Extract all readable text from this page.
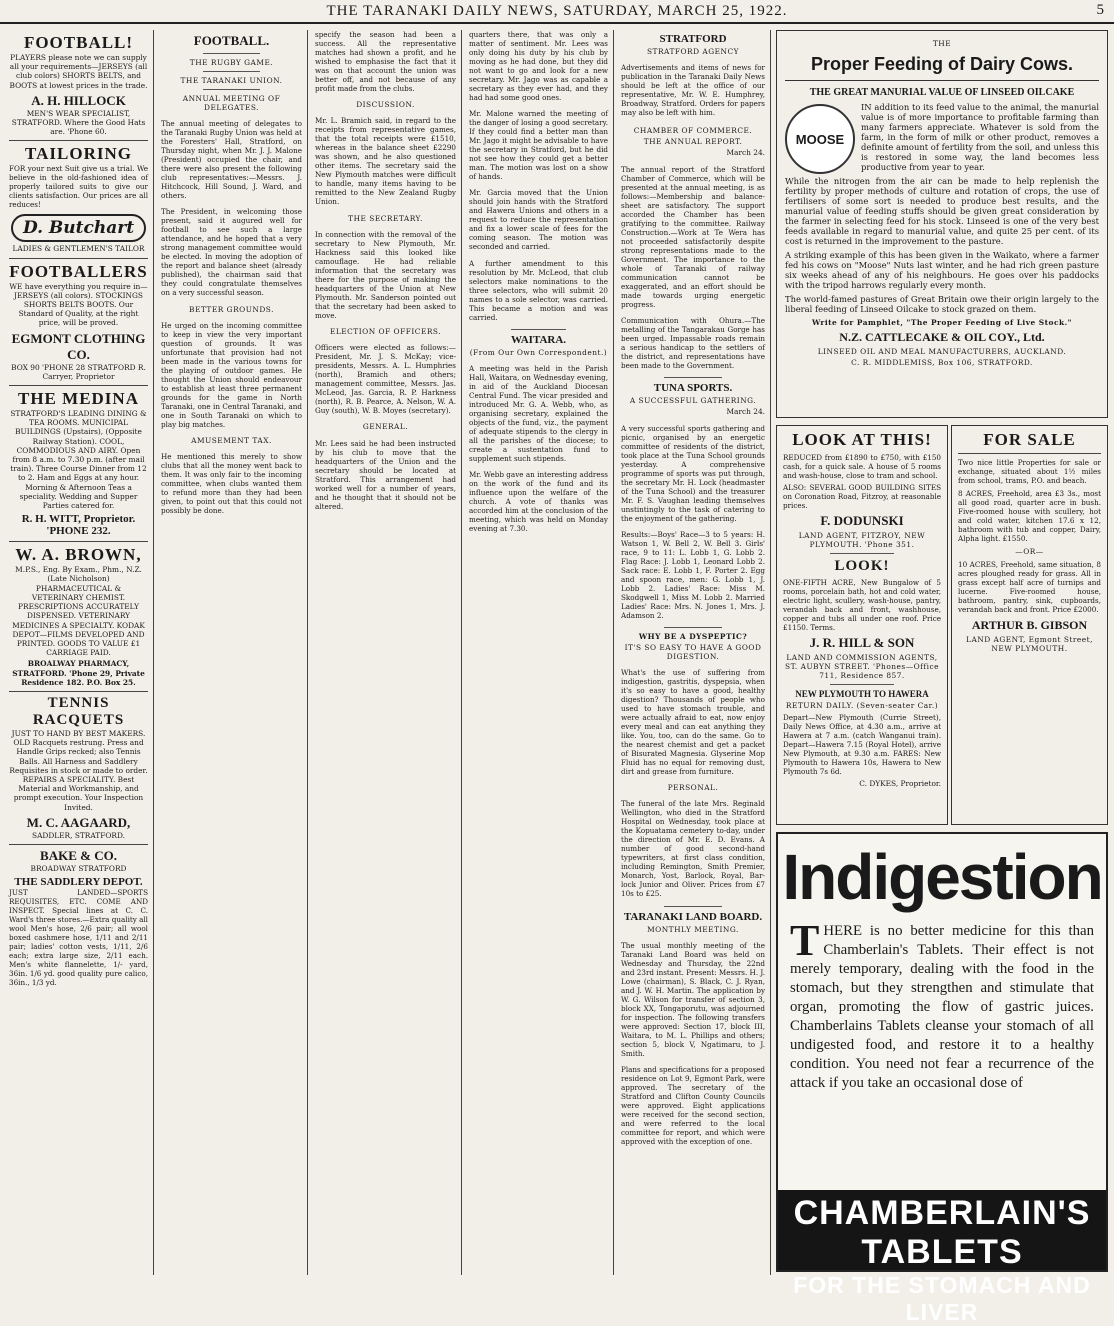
THE TARANAKI DAILY NEWS, SATURDAY, MARCH 25, 1922.	5
FOOTBALL!
PLAYERS please note we can supply all your requirements—JERSEYS (all club colors) SHORTS BELTS, and BOOTS at lowest prices in the trade.
A. H. HILLOCK
MEN'S WEAR SPECIALIST, STRATFORD. Where the Good Hats are. 'Phone 60.
TAILORING
FOR your next Suit give us a trial. We believe in the old-fashioned idea of properly tailored suits to give our clients satisfaction. Our prices are all reduces!
D. Butchart
LADIES & GENTLEMEN'S TAILOR
FOOTBALLERS
WE have everything you require in— JERSEYS (all colors). STOCKINGS SHORTS BELTS BOOTS. Our Standard of Quality, at the right price, will be proved.
EGMONT CLOTHING CO.
BOX 90 'PHONE 28 STRATFORD R. Carryer, Proprietor
THE MEDINA
STRATFORD'S LEADING DINING & TEA ROOMS. MUNICIPAL BUILDINGS (Upstairs), (Opposite Railway Station). COOL, COMMODIOUS AND AIRY. Open from 8 a.m. to 7.30 p.m. (after mail train). Three Course Dinner from 12 to 2. Ham and Eggs at any hour. Morning & Afternoon Teas a speciality. Wedding and Supper Parties catered for.
R. H. WITT, Proprietor. 'PHONE 232.
W. A. BROWN,
M.P.S., Eng. By Exam., Phm., N.Z. (Late Nicholson) PHARMACEUTICAL & VETERINARY CHEMIST. PRESCRIPTIONS ACCURATELY DISPENSED. VETERINARY MEDICINES A SPECIALTY. KODAK DEPOT—FILMS DEVELOPED AND PRINTED. GOODS TO VALUE £1 CARRIAGE PAID.
BROALWAY PHARMACY, STRATFORD. 'Phone 29, Private Residence 182. P.O. Box 25.
TENNIS RACQUETS
JUST TO HAND BY BEST MAKERS. OLD Racquets restrung. Press and Handle Grips recked; also Tennis Balls. All Harness and Saddlery Requisites in stock or made to order. REPAIRS A SPECIALITY. Best Material and Workmanship, and prompt execution. Your Inspection Invited.
M. C. AAGAARD,
SADDLER, STRATFORD.
BAKE & CO.
BROADWAY STRATFORD
THE SADDLERY DEPOT.
JUST LANDED—SPORTS REQUISITES, ETC. COME AND INSPECT. Special lines at C. C. Ward's three stores.—Extra quality all wool Men's hose, 2/6 pair; all wool boxed cashmere hose, 1/11 and 2/11 pair; ladies' cotton vests, 1/11, 2/6 each; extra large size, 2/11 each. Men's white flannelette, 1/- yard, 36in. 1/6 yd. good quality pure calico, 36in., 1/3 yd.
FOOTBALL.
THE RUGBY GAME.
THE TARANAKI UNION.
ANNUAL MEETING OF DELEGATES.

The annual meeting of delegates to the Taranaki Rugby Union was held at the Foresters' Hall, Stratford, on Thursday night, when Mr. J. J. Malone (President) occupied the chair, and there were also present the following club representatives:—Messrs. J. Hitchcock, Hill Sound, J. Ward, and others.

The President, in welcoming those present, said it augured well for football to see such a large attendance, and he hoped that a very strong management committee would be elected. In moving the adoption of the report and balance sheet (already published), the chairman said that they could congratulate themselves on a very successful season.

BETTER GROUNDS.

He urged on the incoming committee to keep in view the very important question of grounds. It was unfortunate that provision had not been made in the various towns for the playing of outdoor games. He thought the Union should endeavour to establish at least three permanent grounds for the game in North Taranaki, one in Central Taranaki, and one in South Taranaki on which to play big matches.

AMUSEMENT TAX.

He mentioned this merely to show clubs that all the money went back to them. It was only fair to the incoming committee, when clubs wanted them to refund more than they had been given, to point out that this could not possibly be done.

specify the season had been a success. All the representative matches had shown a profit, and he wished to emphasise the fact that it was on that account the union was better off, and not because of any profit made from the clubs.

DISCUSSION.

Mr. L. Bramich said, in regard to the receipts from representative games, that the total receipts were £1510, whereas in the balance sheet £2290 was shown, and he also questioned other items. The secretary said the New Plymouth matches were difficult to handle, many items having to be remitted to the New Zealand Rugby Union.

THE SECRETARY.

In connection with the removal of the secretary to New Plymouth, Mr. Hackness said this looked like camouflage. He had reliable information that the secretary was there for the purpose of making the headquarters of the Union at New Plymouth. Mr. Sanderson pointed out that the secretary had been asked to move.

ELECTION OF OFFICERS.

Officers were elected as follows:—President, Mr. J. S. McKay; vice-presidents, Messrs. A. L. Humphries (north), Bramich and others; management committee, Messrs. Jas. McLeod, Jas. Garcia, R. P. Harkness (north), R. B. Pearce, A. Nelson, W. A. Guy (south), W. B. Moyes (secretary).

GENERAL.

Mr. Lees said he had been instructed by his club to move that the headquarters of the Union and the secretary should be located at Stratford. This arrangement had worked well for a number of years, and he thought that it should not be altered.

quarters there, that was only a matter of sentiment. Mr. Lees was only doing his duty by his club by moving as he had done, but they did not want to go and look for a new secretary. Mr. Jago was as capable a secretary as they ever had, and they had had some good ones.

Mr. Malone warned the meeting of the danger of losing a good secretary. If they could find a better man than Mr. Jago it might be advisable to have the secretary in Stratford, but he did not see how they could get a better man. The motion was lost on a show of hands.

Mr. Garcia moved that the Union should join hands with the Stratford and Hawera Unions and others in a request to reduce the representation and fix a lower scale of fees for the coming season. The motion was seconded and carried.

A further amendment to this resolution by Mr. McLeod, that club selectors make nominations to the three selectors, who will submit 20 names to a sole selector, was carried. This became a motion and was carried.

WAITARA.
(From Our Own Correspondent.)

A meeting was held in the Parish Hall, Waitara, on Wednesday evening, in aid of the Auckland Diocesan Central Fund. The vicar presided and introduced Mr. G. A. Webb, who, as organising secretary, explained the objects of the fund, viz., the payment of adequate stipends to the clergy in all the parishes of the diocese; to create a sustentation fund to supplement such stipends.

Mr. Webb gave an interesting address on the work of the fund and its influence upon the welfare of the church. A vote of thanks was accorded him at the conclusion of the meeting, which was held on Monday evening at 7.30.

STRATFORD
STRATFORD AGENCY

Advertisements and items of news for publication in the Taranaki Daily News should be left at the office of our representative, Mr. W. E. Humphrey, Broadway, Stratford. Orders for papers may also be left with him.

CHAMBER OF COMMERCE.
THE ANNUAL REPORT.
March 24.

The annual report of the Stratford Chamber of Commerce, which will be presented at the annual meeting, is as follows:—Membership and balance-sheet are satisfactory. The support accorded the Chamber has been gratifying to the committee. Railway Construction.—Work at Te Wera has not proceeded satisfactorily despite strong representations made to the Government. The importance to the whole of Taranaki of railway communication cannot be exaggerated, and an effort should be made towards urging energetic progress.

Communication with Ohura.—The metalling of the Tangarakau Gorge has been urged. Impassable roads remain a serious handicap to the settlers of the district, and representations have been made to the Government.

TUNA SPORTS.
A SUCCESSFUL GATHERING.
March 24.

A very successful sports gathering and picnic, organised by an energetic committee of residents of the district, took place at the Tuna School grounds yesterday. A comprehensive programme of sports was put through, the secretary Mr. H. Lock (headmaster of the Tuna School) and the treasurer Mr. F. S. Vaughan leading themselves unstintingly to the task of catering to the enjoyment of the gathering.

Results:—Boys' Race—3 to 5 years: H. Watson 1, W. Bell 2, W. Bell 3. Girls' race, 9 to 11: L. Lobb 1, G. Lobb 2. Flag Race: J. Lobb 1, Leonard Lobb 2. Sack race: E. Lobb 1, F. Porter 2. Egg and spoon race, men: G. Lobb 1, J. Lobb 2. Ladies' Race: Miss M. Skodgwell 1, Miss M. Lobb 2. Married Ladies' Race: Mrs. N. Jones 1, Mrs. J. Adamson 2.

WHY BE A DYSPEPTIC?
IT'S SO EASY TO HAVE A GOOD DIGESTION.

What's the use of suffering from indigestion, gastritis, dyspepsia, when it's so easy to have a good, healthy digestion? Thousands of people who used to have stomach trouble, and were actually afraid to eat, now enjoy every meal and can eat anything they like. You, too, can do the same. Go to the nearest chemist and get a packet of Bisurated Magnesia. Glyserine Mop Fluid has no equal for removing dust, dirt and grease from furniture.

PERSONAL.

The funeral of the late Mrs. Reginald Wellington, who died in the Stratford Hospital on Wednesday, took place at the Kopuatama cemetery to-day, under the direction of Mr. E. D. Evans. A number of good second-hand typewriters, at first class condition, including Remington, Smith Premier, Monarch, Yost, Barlock, Royal, Bar-lock Junior and Oliver. Prices from £7 10s to £25.

TARANAKI LAND BOARD.
MONTHLY MEETING.

The usual monthly meeting of the Taranaki Land Board was held on Wednesday and Thursday, the 22nd and 23rd instant. Present: Messrs. H. J. Lowe (chairman), S. Black, C. J. Ryan, and J. W. H. Martin. The application by W. G. Wilson for transfer of section 3, block XX, Tongaporutu, was adjourned for inspection. The following transfers were approved: Section 17, block III, Waitara, to M. L. Phillips and others; section 5, block V, Ngatimaru, to J. Smith.

Plans and specifications for a proposed residence on Lot 9, Egmont Park, were approved. The secretary of the Stratford and Clifton County Councils were approved. Eight applications were received for the second section, and were referred to the local committee for report, and which were approved with the exception of one.

THE
Proper Feeding of Dairy Cows.
THE GREAT MANURIAL VALUE OF LINSEED OILCAKE
MOOSE

IN addition to its feed value to the animal, the manurial value is of more importance to profitable farming than many farmers appreciate. Whatever is sold from the farm, in the form of milk or other product, removes a definite amount of fertility from the soil, and unless this is restored in some way, the land becomes less productive from year to year.

While the nitrogen from the air can be made to help replenish the fertility by proper methods of culture and rotation of crops, the use of fertilisers of some sort is needed to produce best results, and the manurial value of feeding stuffs should be given great consideration by the farmer in selecting feed for his stock. Linseed is one of the very best feeds available in regard to manurial value, and quite 25 per cent. of its cost is returned in the improvement to the pasture.

A striking example of this has been given in the Waikato, where a farmer fed his cows on "Moose" Nuts last winter, and he had rich green pasture six weeks ahead of any of his neighbours. He goes over his paddocks with the tripod harrows regularly every month.

The world-famed pastures of Great Britain owe their origin largely to the liberal feeding of Linseed Oilcake to stock grazed on them.

Write for Pamphlet, "The Proper Feeding of Live Stock."
N.Z. CATTLECAKE & OIL COY., Ltd.
LINSEED OIL AND MEAL MANUFACTURERS, AUCKLAND.
C. R. MIDDLEMISS, Box 106, STRATFORD.
LOOK AT THIS!

REDUCED from £1890 to £750, with £150 cash, for a quick sale. A house of 5 rooms and wash-house, close to tram and school.

ALSO: SEVERAL GOOD BUILDING SITES on Coronation Road, Fitzroy, at reasonable prices.

F. DODUNSKI
LAND AGENT, FITZROY, NEW PLYMOUTH. 'Phone 351.
LOOK!

ONE-FIFTH ACRE, New Bungalow of 5 rooms, porcelain bath, hot and cold water, electric light, scullery, wash-house, pantry, verandah back and front, washhouse, copper and tubs all under one roof. Price £1150. Terms.

J. R. HILL & SON
LAND AND COMMISSION AGENTS, ST. AUBYN STREET. 'Phones—Office 711, Residence 857.
NEW PLYMOUTH TO HAWERA
RETURN DAILY. (Seven-seater Car.)

Depart—New Plymouth (Currie Street), Daily News Office, at 4.30 a.m., arrive at Hawera at 7 a.m. (catch Wanganui train). Depart—Hawera 7.15 (Royal Hotel), arrive New Plymouth, at 9.30 a.m. FARES: New Plymouth to Hawera 10s, Hawera to New Plymouth 7s 6d.

C. DYKES, Proprietor.
FOR SALE

Two nice little Properties for sale or exchange, situated about 1½ miles from school, trams, P.O. and beach.

8 ACRES, Freehold, area £3 3s., most all good road, quarter acre in bush. Five-roomed house with scullery, hot and cold water, kitchen 17.6 x 12, bathroom with tub and copper, Dairy, Alpha light. £1550.

—OR—

10 ACRES, Freehold, same situation, 8 acres ploughed ready for grass. All in grass except half acre of turnips and lucerne. Five-roomed house, bathroom, pantry, sink, cupboards, verandah back and front. Price £2000.

ARTHUR B. GIBSON
LAND AGENT, Egmont Street, NEW PLYMOUTH.
Indigestion
THERE is no better medicine for this than Chamberlain's Tablets. Their effect is not merely temporary, dealing with the food in the stomach, but they strengthen and stimulate that organ, promoting the flow of gastric juices. Chamberlains Tablets cleanse your stomach of all undigested food, and restore it to a healthy condition. You need not fear a recurrence of the attack if you take an occasional dose of
CHAMBERLAIN'S TABLETS
FOR THE STOMACH AND LIVER
